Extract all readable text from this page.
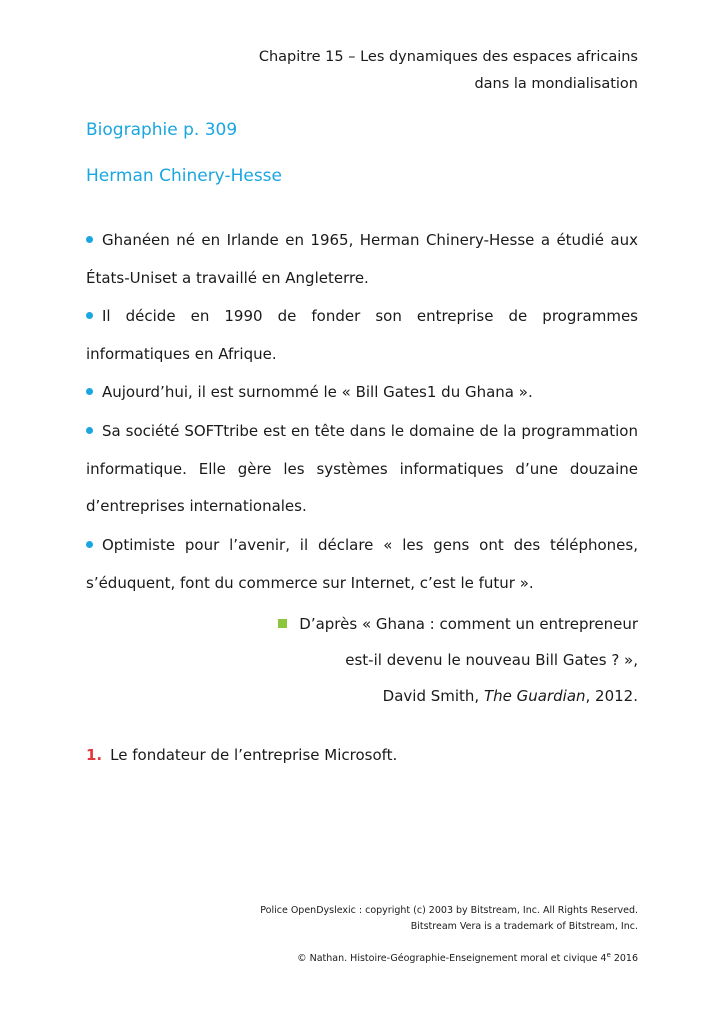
Chapitre 15 – Les dynamiques des espaces africains
dans la mondialisation
Biographie p. 309
Herman Chinery-Hesse
Ghanéen né en Irlande en 1965, Herman Chinery-Hesse a étudié aux États-Uniset a travaillé en Angleterre.
Il décide en 1990 de fonder son entreprise de programmes informatiques en Afrique.
Aujourd’hui, il est surnommé le « Bill Gates1 du Ghana ».
Sa société SOFTtribe est en tête dans le domaine de la programmation informatique. Elle gère les systèmes informatiques d’une douzaine d’entreprises internationales.
Optimiste pour l’avenir, il déclare « les gens ont des téléphones, s’éduquent, font du commerce sur Internet, c’est le futur ».
D’après « Ghana : comment un entrepreneur
est-il devenu le nouveau Bill Gates ? »,
David Smith, The Guardian, 2012.
1. Le fondateur de l’entreprise Microsoft.
Police OpenDyslexic : copyright (c) 2003 by Bitstream, Inc. All Rights Reserved.
Bitstream Vera is a trademark of Bitstream, Inc.
© Nathan. Histoire-Géographie-Enseignement moral et civique 4e 2016
